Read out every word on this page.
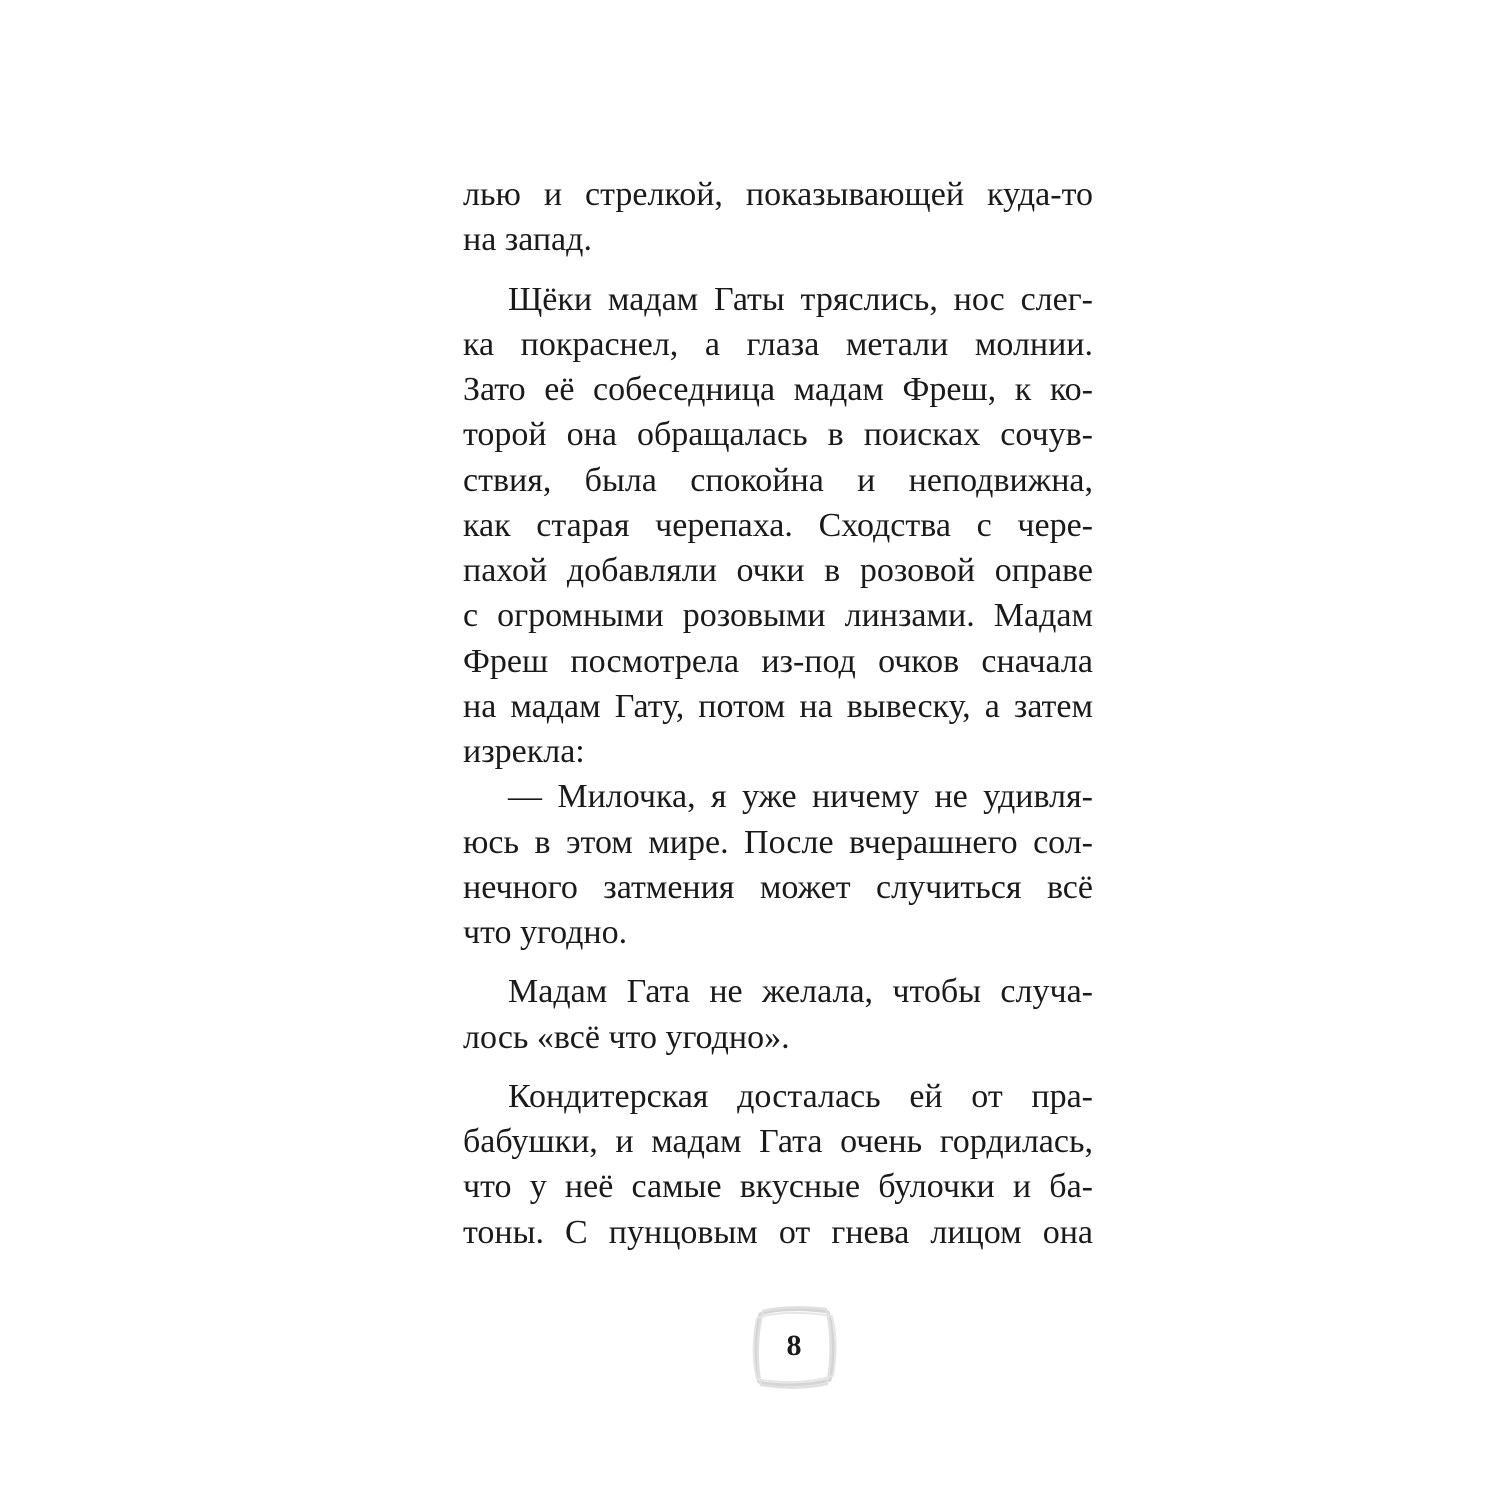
лью и стрелкой, показывающей куда-то
на запад.
Щёки мадам Гаты тряслись, нос слег-
ка покраснел, а глаза метали молнии.
Зато её собеседница мадам Фреш, к ко-
торой она обращалась в поисках сочув-
ствия, была спокойна и неподвижна,
как старая черепаха. Сходства с чере-
пахой добавляли очки в розовой оправе
с огромными розовыми линзами. Мадам
Фреш посмотрела из-под очков сначала
на мадам Гату, потом на вывеску, а затем
изрекла:
— Милочка, я уже ничему не удивля-
юсь в этом мире. После вчерашнего сол-
нечного затмения может случиться всё
что угодно.
Мадам Гата не желала, чтобы случа-
лось «всё что угодно».
Кондитерская досталась ей от пра-
бабушки, и мадам Гата очень гордилась,
что у неё самые вкусные булочки и ба-
тоны. С пунцовым от гнева лицом она
8
